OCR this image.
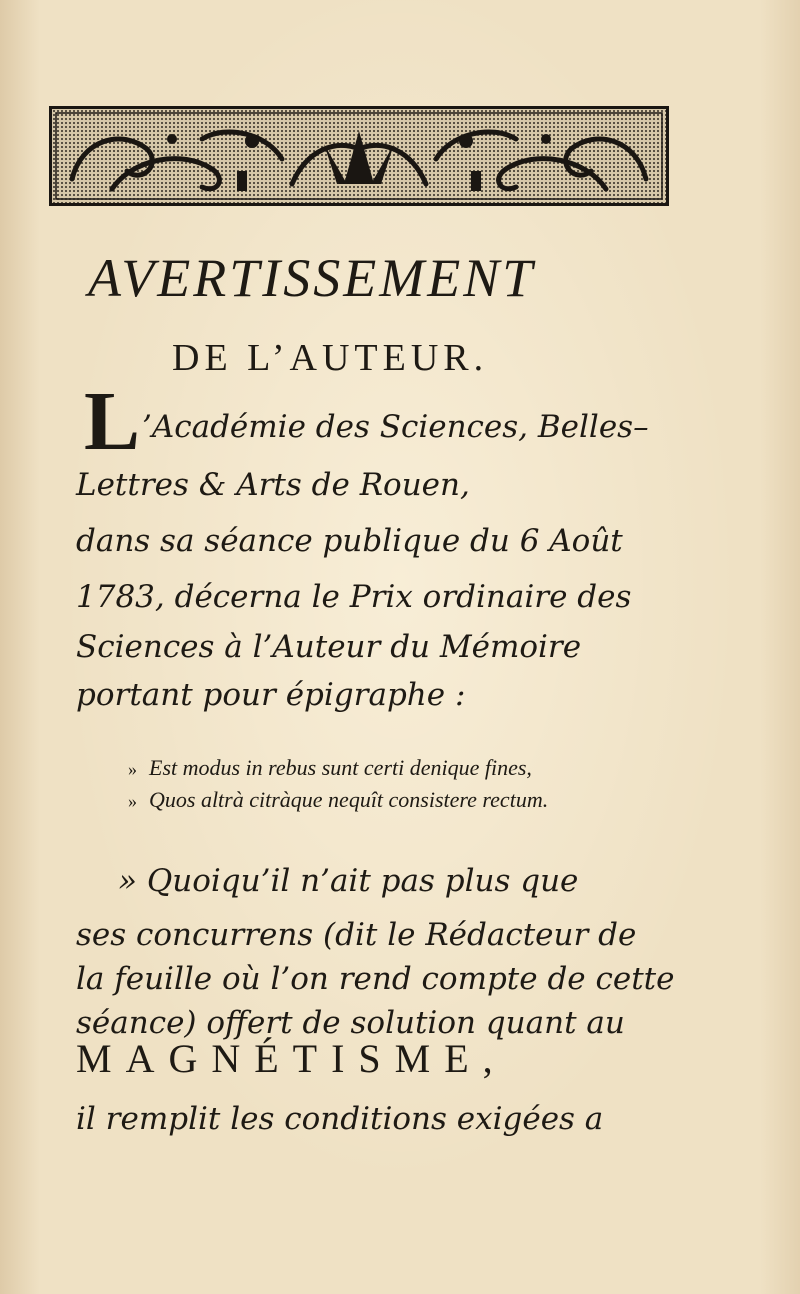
AVERTISSEMENT
DE L’AUTEUR.
L ’Académie des Sciences, Belles–
Lettres & Arts de Rouen,
dans sa séance publique du 6 Août
1783, décerna le Prix ordinaire des
Sciences à l’Auteur du Mémoire
portant pour épigraphe :
» Est modus in rebus sunt certi denique fines,
» Quos altrà citràque nequît consistere rectum.
» Quoiqu’il n’ait pas plus que
ses concurrens (dit le Rédacteur de
la feuille où l’on rend compte de cette
séance) offert de solution quant au
MAGNÉTISME,
il remplit les conditions exigées a
